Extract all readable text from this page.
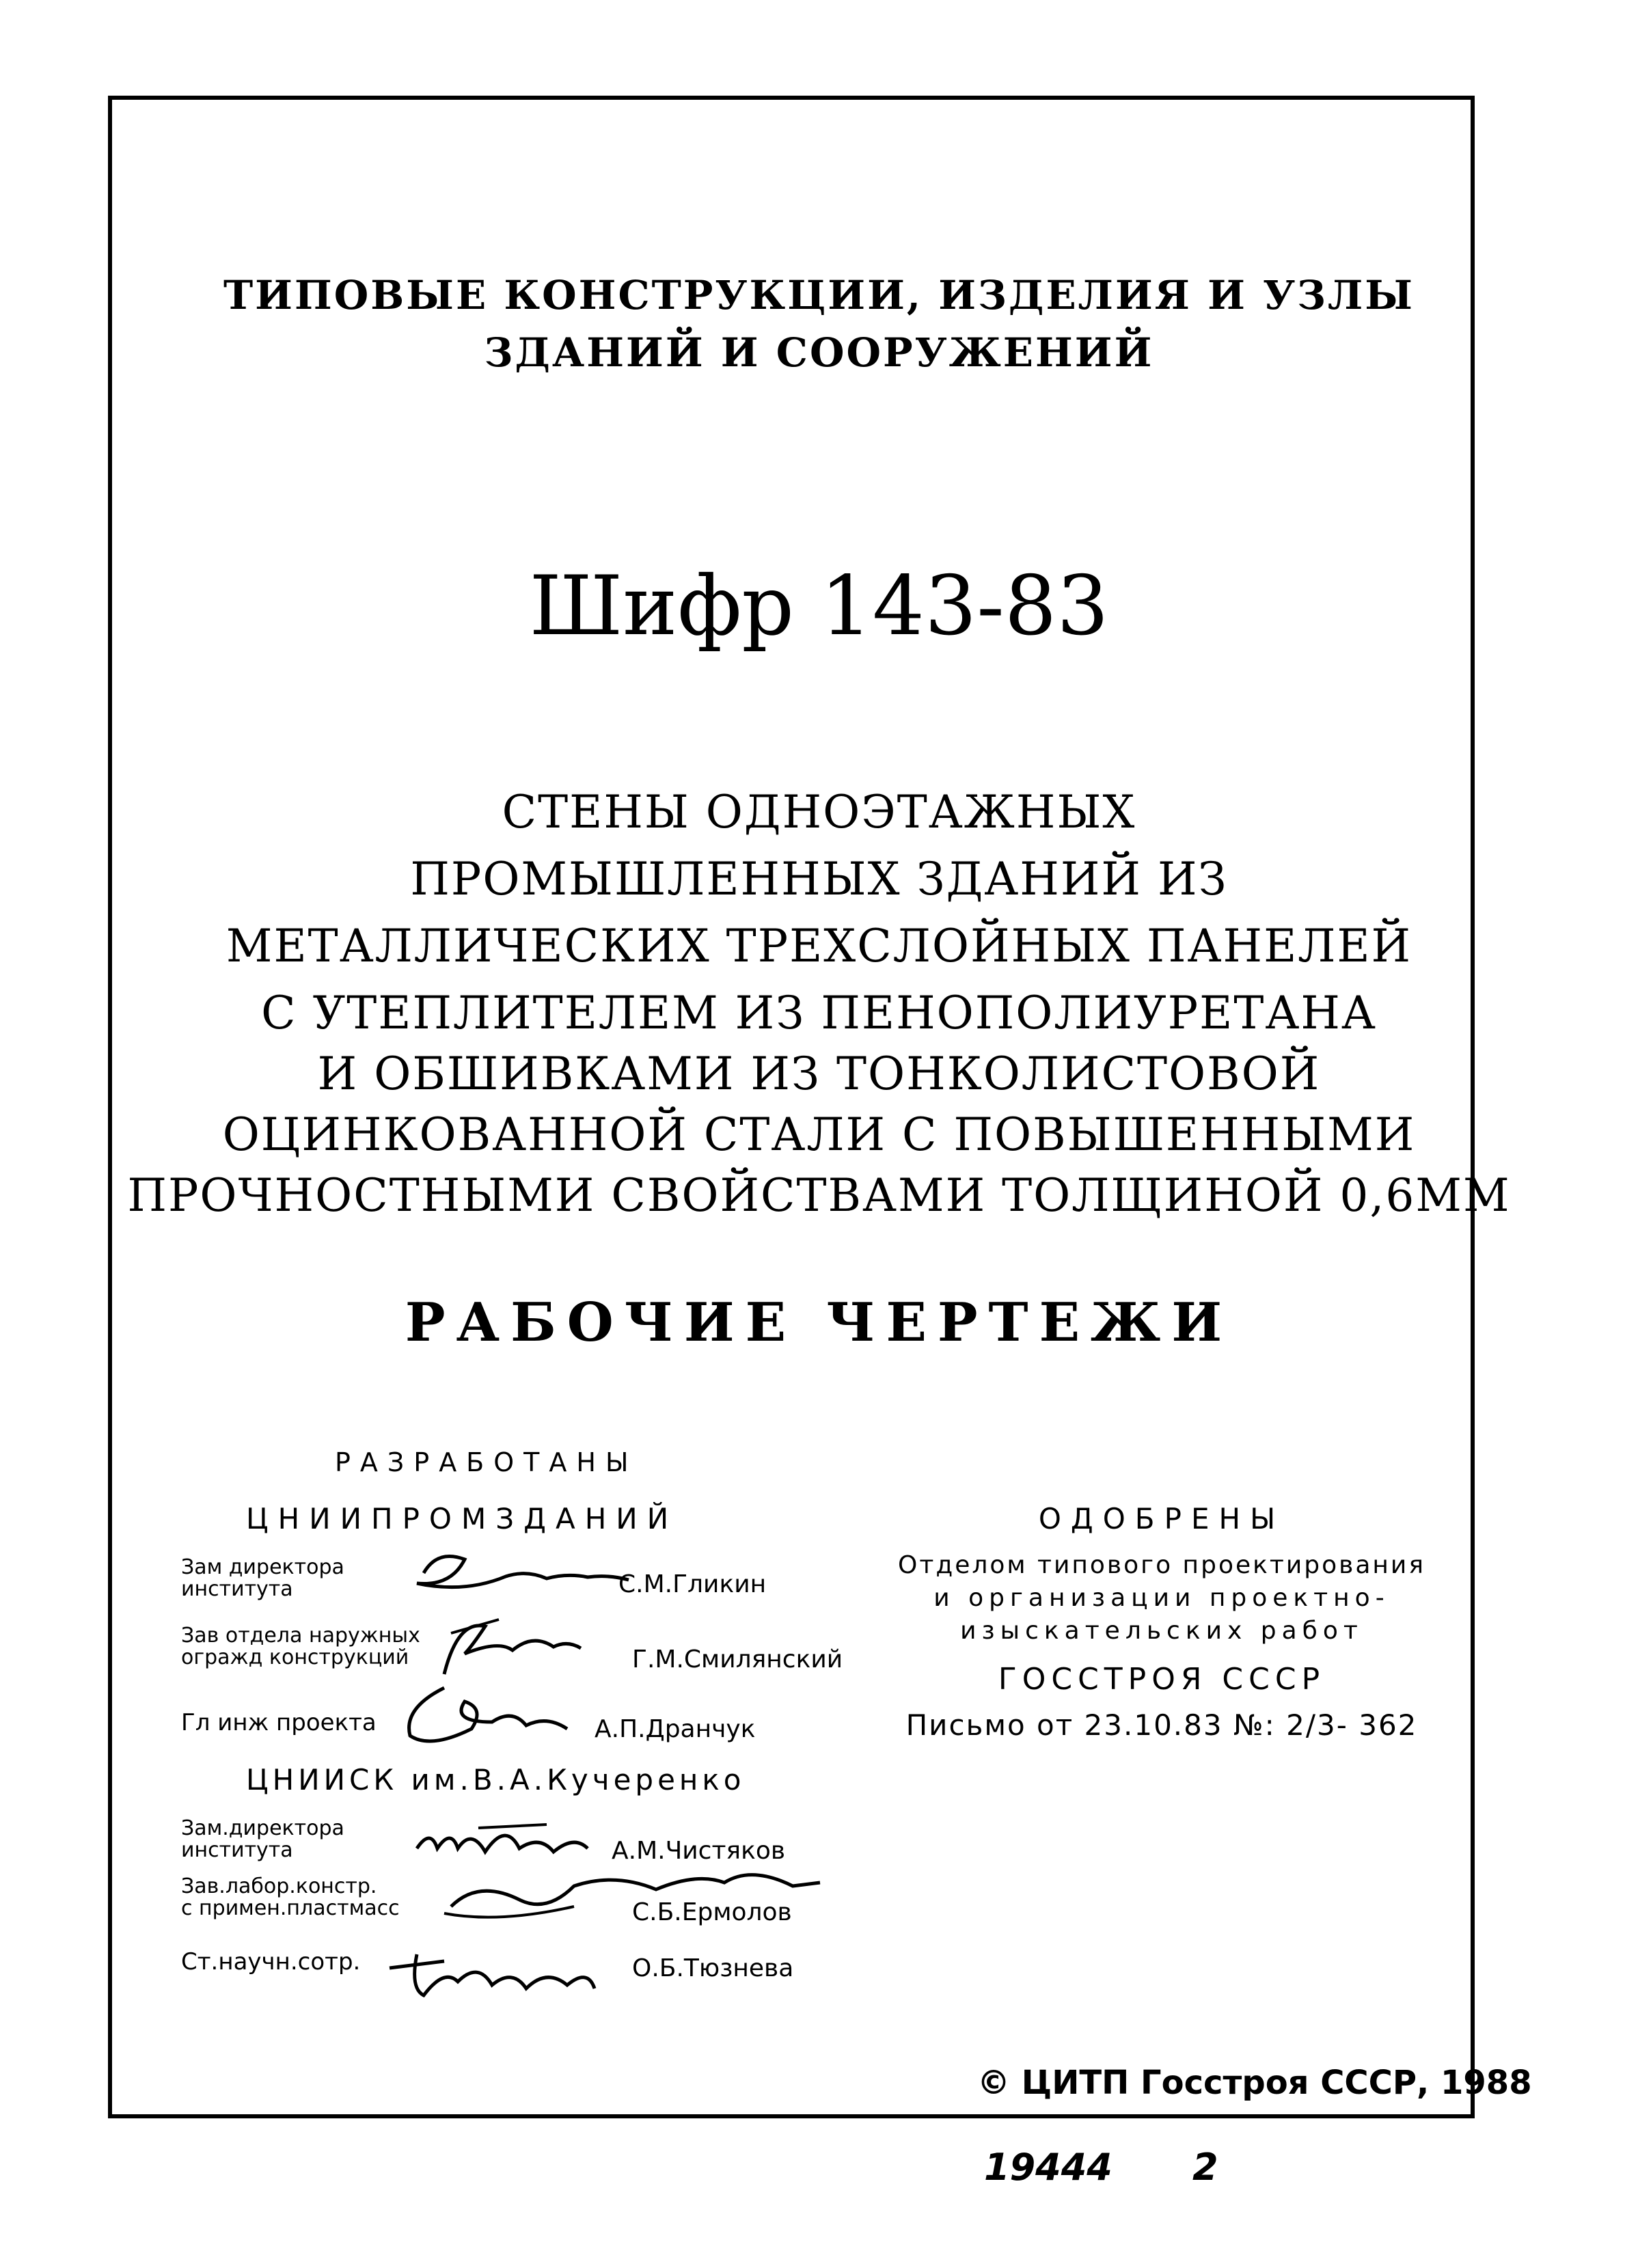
ТИПОВЫЕ КОНСТРУКЦИИ, ИЗДЕЛИЯ И УЗЛЫ
ЗДАНИЙ И СООРУЖЕНИЙ
Шифр 143-83
СТЕНЫ ОДНОЭТАЖНЫХ
ПРОМЫШЛЕННЫХ ЗДАНИЙ ИЗ
МЕТАЛЛИЧЕСКИХ ТРЕХСЛОЙНЫХ ПАНЕЛЕЙ
С УТЕПЛИТЕЛЕМ ИЗ ПЕНОПОЛИУРЕТАНА
И ОБШИВКАМИ ИЗ ТОНКОЛИСТОВОЙ
ОЦИНКОВАННОЙ СТАЛИ С ПОВЫШЕННЫМИ
ПРОЧНОСТНЫМИ СВОЙСТВАМИ ТОЛЩИНОЙ 0,6ММ
РАБОЧИЕ ЧЕРТЕЖИ
РАЗРАБОТАНЫ
ЦНИИПРОМЗДАНИЙ
Зам директора
института	С.М.Гликин
Зав отдела наружных
огражд конструкций	Г.М.Смилянский
Гл инж проекта	А.П.Дранчук
ЦНИИСК им.В.А.Кучеренко
Зам.директора
института	А.М.Чистяков
Зав.лабор.констр.
с примен.пластмасс	С.Б.Ермолов
Ст.научн.сотр.	О.Б.Тюзнева
ОДОБРЕНЫ
Отделом типового проектирования
и организации проектно-
изыскательских работ
ГОССТРОЯ СССР
Письмо от 23.10.83 №: 2/3- 362
© ЦИТП Госстроя СССР, 1988
19444 2
